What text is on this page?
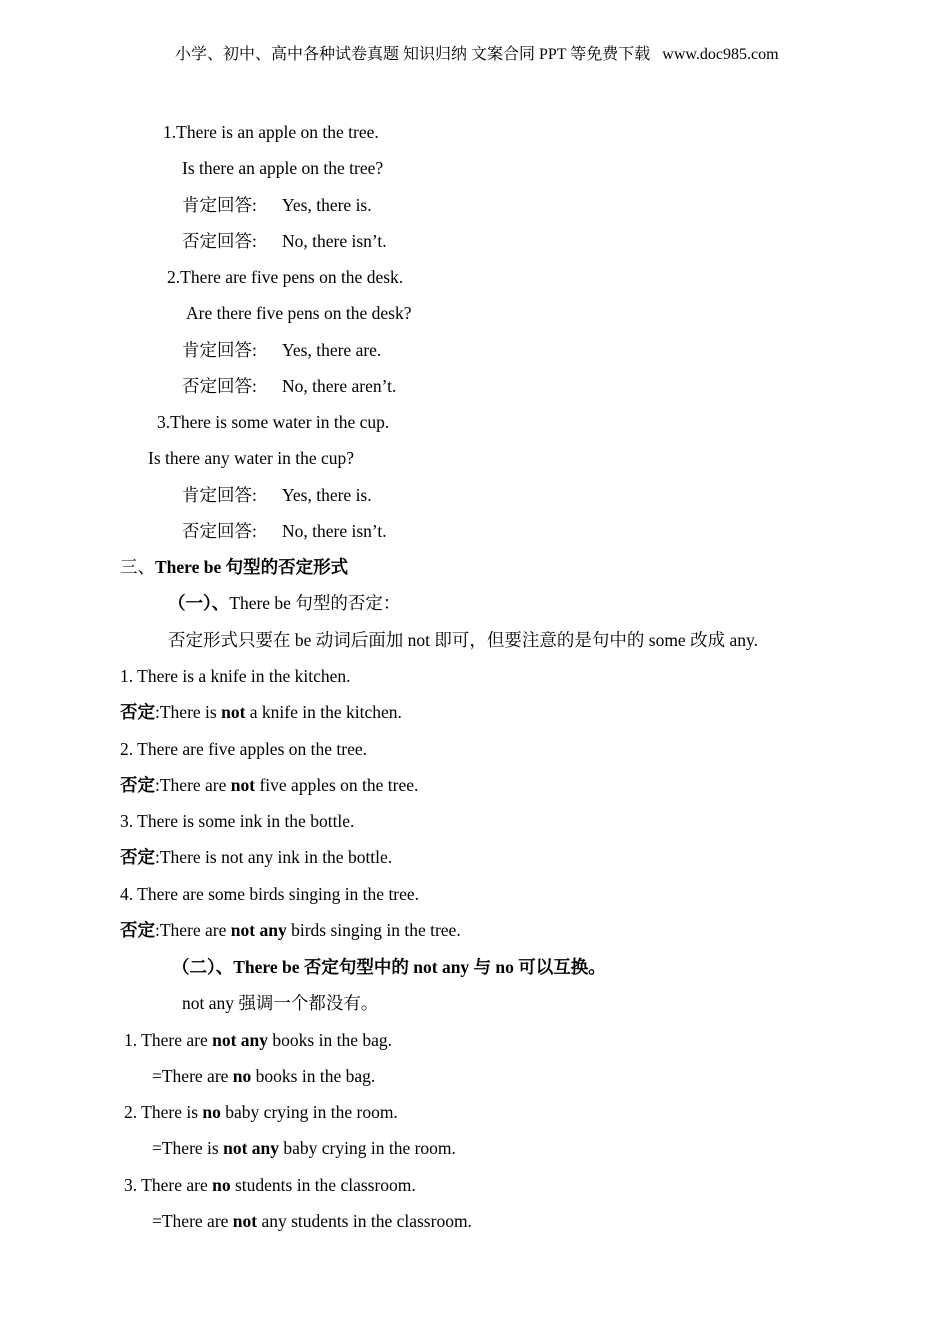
小学、初中、高中各种试卷真题 知识归纳 文案合同 PPT 等免费下载 www.doc985.com
1.There is an apple on the tree.
Is there an apple on the tree?
肯定回答: Yes, there is.
否定回答: No, there isn’t.
2.There are five pens on the desk.
Are there five pens on the desk?
肯定回答: Yes, there are.
否定回答: No, there aren’t.
3.There is some water in the cup.
Is there any water in the cup?
肯定回答: Yes, there is.
否定回答: No, there isn’t.
三、There be 句型的否定形式
（一）、There be 句型的否定：
否定形式只要在 be 动词后面加 not 即可，但要注意的是句中的 some 改成 any.
1. There is a knife in the kitchen.
否定:There is not a knife in the kitchen.
2. There are five apples on the tree.
否定:There are not five apples on the tree.
3. There is some ink in the bottle.
否定:There is not any ink in the bottle.
4. There are some birds singing in the tree.
否定:There are not any birds singing in the tree.
（二）、There be 否定句型中的 not any 与 no 可以互换。
not any 强调一个都没有。
1. There are not any books in the bag.
=There are no books in the bag.
2. There is no baby crying in the room.
=There is not any baby crying in the room.
3. There are no students in the classroom.
=There are not any students in the classroom.
